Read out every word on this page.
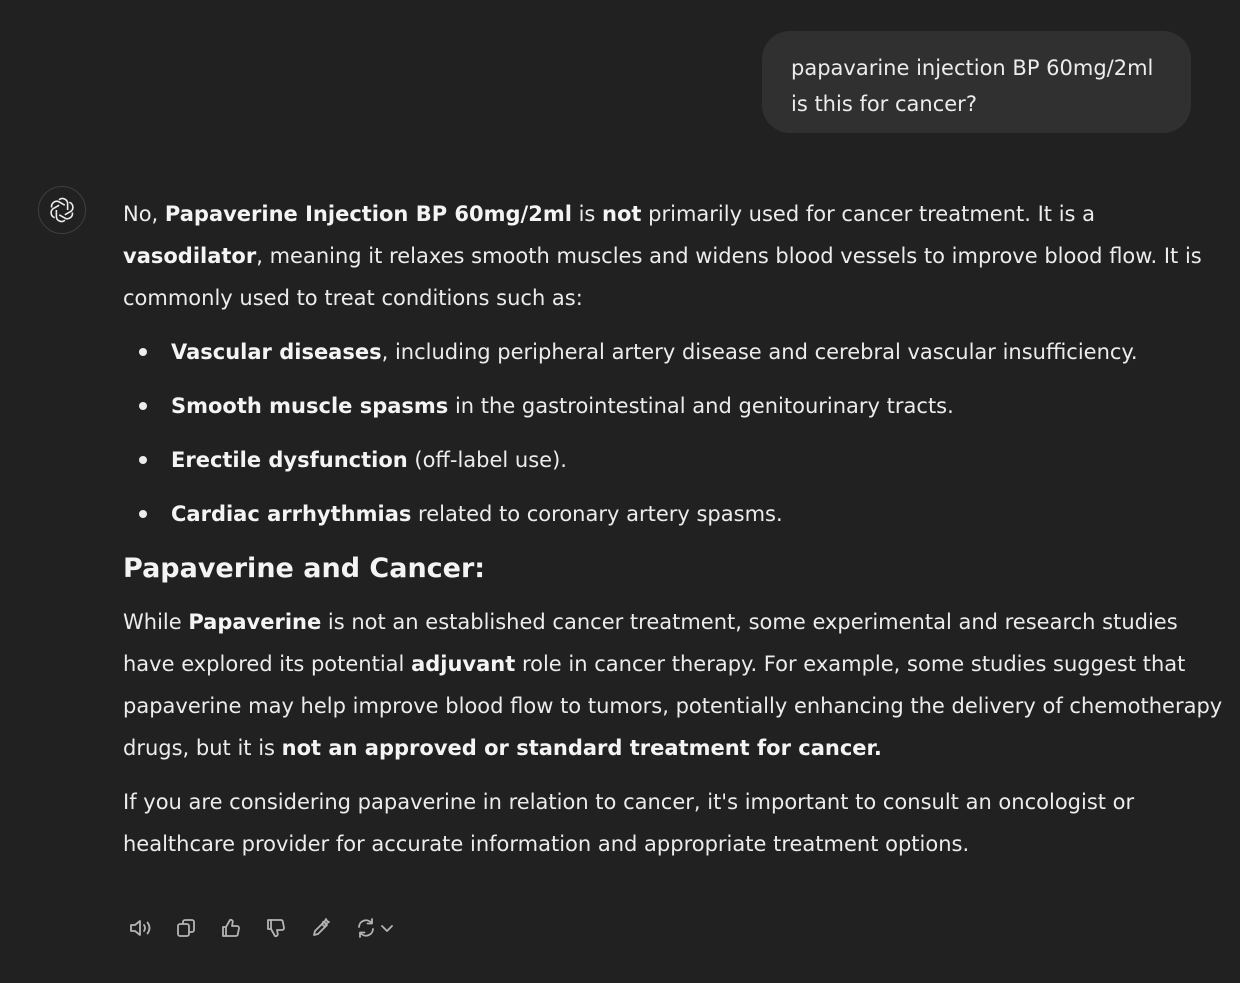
papavarine injection BP 60mg/2ml
is this for cancer?

No, Papaverine Injection BP 60mg/2ml is not primarily used for cancer treatment. It is a vasodilator, meaning it relaxes smooth muscles and widens blood vessels to improve blood flow. It is commonly used to treat conditions such as:

Vascular diseases, including peripheral artery disease and cerebral vascular insufficiency.
Smooth muscle spasms in the gastrointestinal and genitourinary tracts.
Erectile dysfunction (off-label use).
Cardiac arrhythmias related to coronary artery spasms.

Papaverine and Cancer:

While Papaverine is not an established cancer treatment, some experimental and research studies have explored its potential adjuvant role in cancer therapy. For example, some studies suggest that papaverine may help improve blood flow to tumors, potentially enhancing the delivery of chemotherapy drugs, but it is not an approved or standard treatment for cancer.

If you are considering papaverine in relation to cancer, it's important to consult an oncologist or healthcare provider for accurate information and appropriate treatment options.
